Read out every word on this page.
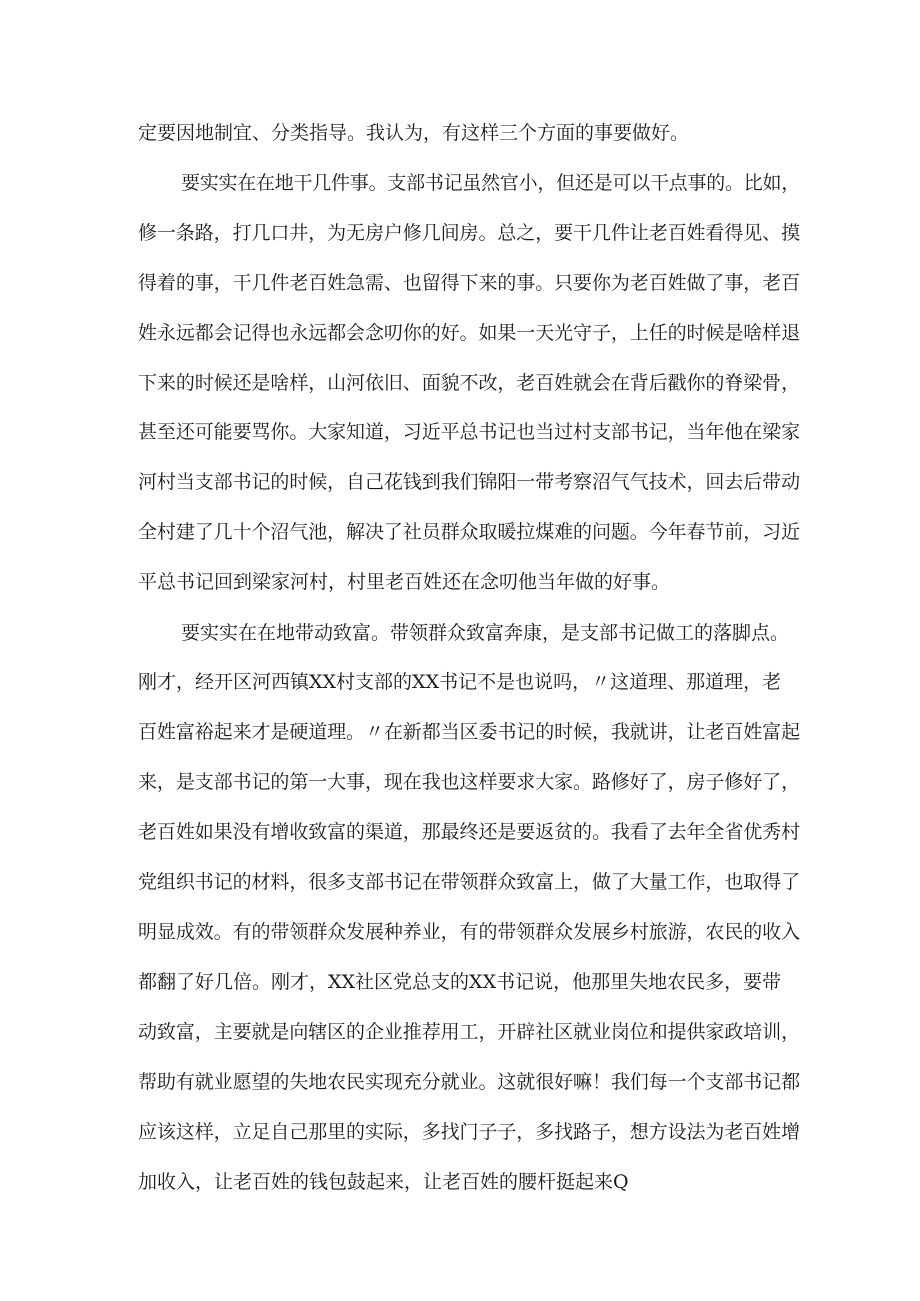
定要因地制宜、分类指导。我认为，有这样三个方面的事要做好。
要实实在在地干几件事。支部书记虽然官小，但还是可以干点事的。比如，
修一条路，打几口井，为无房户修几间房。总之，要干几件让老百姓看得见、摸
得着的事，干几件老百姓急需、也留得下来的事。只要你为老百姓做了事，老百
姓永远都会记得也永远都会念叨你的好。如果一天光守子，上任的时候是啥样退
下来的时候还是啥样，山河依旧、面貌不改，老百姓就会在背后戳你的脊梁骨，
甚至还可能要骂你。大家知道，习近平总书记也当过村支部书记，当年他在梁家
河村当支部书记的时候，自己花钱到我们锦阳一带考察沼气气技术，回去后带动
全村建了几十个沼气池，解决了社员群众取暖拉煤难的问题。今年春节前，习近
平总书记回到梁家河村，村里老百姓还在念叨他当年做的好事。
要实实在在地带动致富。带领群众致富奔康，是支部书记做工的落脚点。
刚才，经开区河西镇XX村支部的XX书记不是也说吗，〃这道理、那道理，老
百姓富裕起来才是硬道理。〃在新都当区委书记的时候，我就讲，让老百姓富起
来，是支部书记的第一大事，现在我也这样要求大家。路修好了，房子修好了，
老百姓如果没有增收致富的渠道，那最终还是要返贫的。我看了去年全省优秀村
党组织书记的材料，很多支部书记在带领群众致富上，做了大量工作，也取得了
明显成效。有的带领群众发展种养业，有的带领群众发展乡村旅游，农民的收入
都翻了好几倍。刚才，XX社区党总支的XX书记说，他那里失地农民多，要带
动致富，主要就是向辖区的企业推荐用工，开辟社区就业岗位和提供家政培训，
帮助有就业愿望的失地农民实现充分就业。这就很好嘛！我们每一个支部书记都
应该这样，立足自己那里的实际，多找门子子，多找路子，想方设法为老百姓增
加收入，让老百姓的钱包鼓起来，让老百姓的腰杆挺起来Q
